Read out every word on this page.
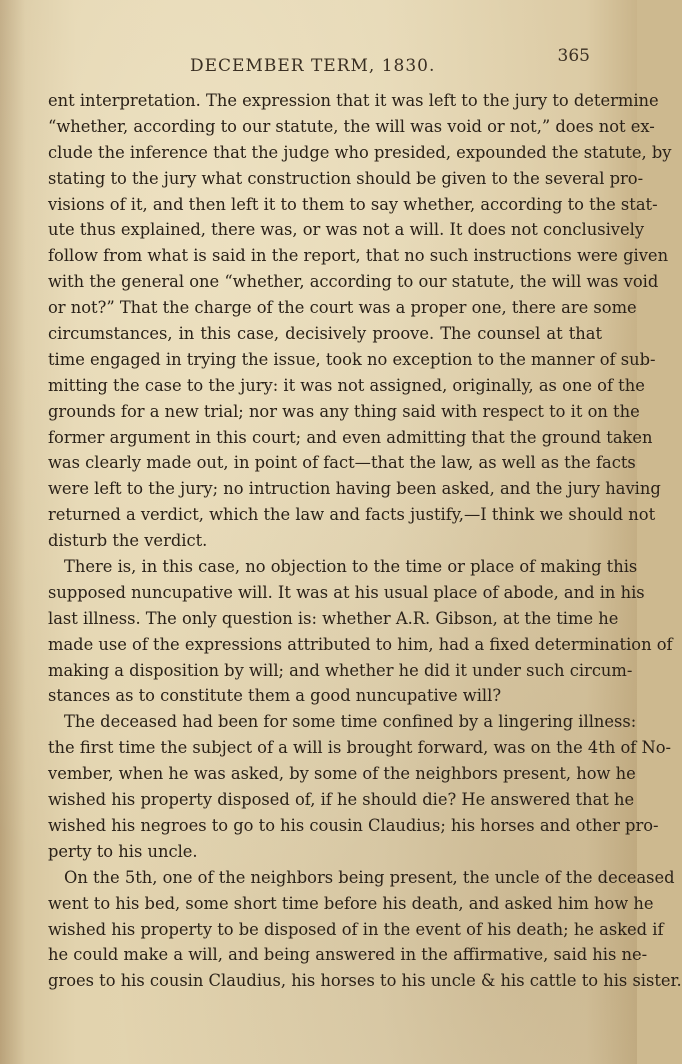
DECEMBER TERM, 1830.	365
ent interpretation. The expression that it was left to the jury to determine
“whether, according to our statute, the will was void or not,” does not ex-
clude the inference that the judge who presided, expounded the statute, by
stating to the jury what construction should be given to the several pro-
visions of it, and then left it to them to say whether, according to the stat-
ute thus explained, there was, or was not a will. It does not conclusively
follow from what is said in the report, that no such instructions were given
with the general one “whether, according to our statute, the will was void
or not?” That the charge of the court was a proper one, there are some
circumstances, in this case, decisively proove. The counsel at that
time engaged in trying the issue, took no exception to the manner of sub-
mitting the case to the jury: it was not assigned, originally, as one of the
grounds for a new trial; nor was any thing said with respect to it on the
former argument in this court; and even admitting that the ground taken
was clearly made out, in point of fact—that the law, as well as the facts
were left to the jury; no intruction having been asked, and the jury having
returned a verdict, which the law and facts justify,—I think we should not
disturb the verdict.
There is, in this case, no objection to the time or place of making this
supposed nuncupative will. It was at his usual place of abode, and in his
last illness. The only question is: whether A.R. Gibson, at the time he
made use of the expressions attributed to him, had a fixed determination of
making a disposition by will; and whether he did it under such circum-
stances as to constitute them a good nuncupative will?
The deceased had been for some time confined by a lingering illness:
the first time the subject of a will is brought forward, was on the 4th of No-
vember, when he was asked, by some of the neighbors present, how he
wished his property disposed of, if he should die? He answered that he
wished his negroes to go to his cousin Claudius; his horses and other pro-
perty to his uncle.
On the 5th, one of the neighbors being present, the uncle of the deceased
went to his bed, some short time before his death, and asked him how he
wished his property to be disposed of in the event of his death; he asked if
he could make a will, and being answered in the affirmative, said his ne-
groes to his cousin Claudius, his horses to his uncle & his cattle to his sister.
